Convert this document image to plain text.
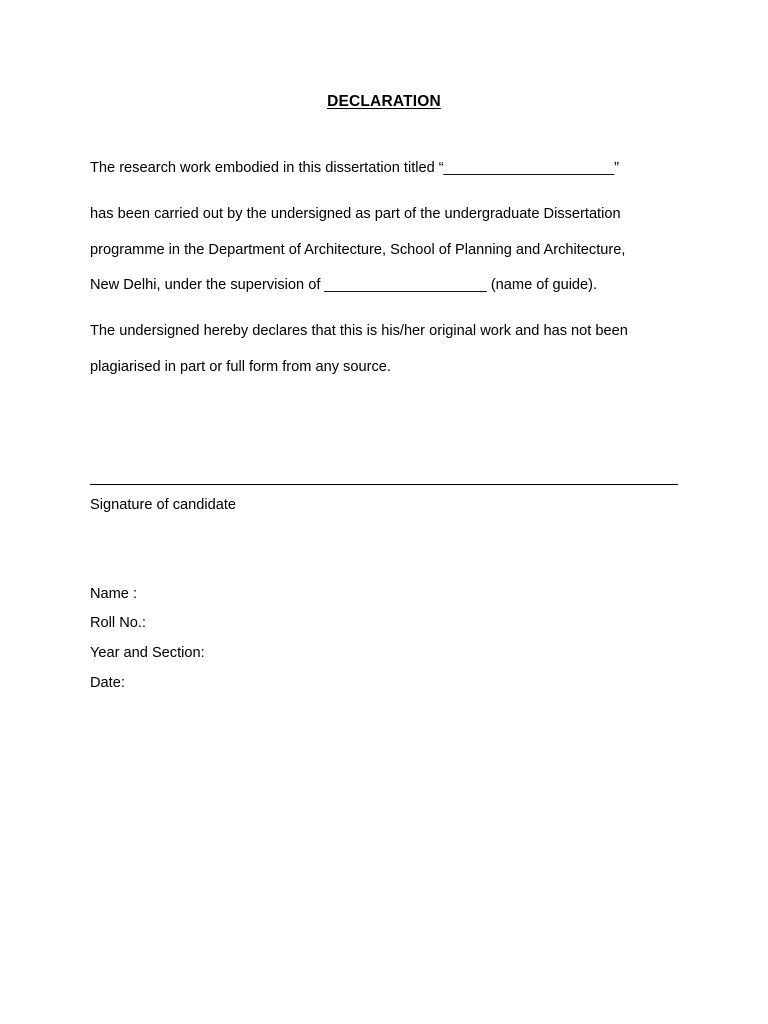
DECLARATION
The research work embodied in this dissertation titled “_____________________”
has been carried out by the undersigned as part of the undergraduate Dissertation
programme in the Department of Architecture, School of Planning and Architecture,
New Delhi, under the supervision of ____________________ (name of guide).
The undersigned hereby declares that this is his/her original work and has not been
plagiarised in part or full form from any source.
Signature of candidate
Name :
Roll No.:
Year and Section:
Date:
